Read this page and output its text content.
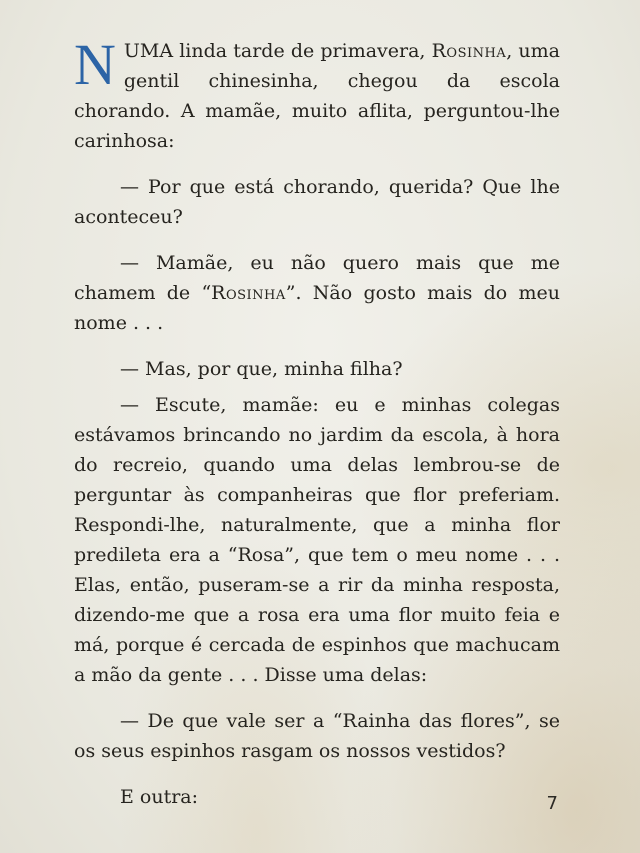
NUMA linda tarde de primavera, Rosinha, uma gentil chinesinha, chegou da escola chorando. A mamãe, muito aflita, perguntou-lhe carinhosa:

— Por que está chorando, querida? Que lhe aconteceu?

— Mamãe, eu não quero mais que me chamem de “Rosinha”. Não gosto mais do meu nome . . .

— Mas, por que, minha filha?

— Escute, mamãe: eu e minhas colegas estávamos brincando no jardim da escola, à hora do recreio, quando uma delas lembrou-se de perguntar às companheiras que flor preferiam. Respondi-lhe, naturalmente, que a minha flor predileta era a “Rosa”, que tem o meu nome . . . Elas, então, puseram-se a rir da minha resposta, dizendo-me que a rosa era uma flor muito feia e má, porque é cercada de espinhos que machucam a mão da gente . . . Disse uma delas:

— De que vale ser a “Rainha das flores”, se os seus espinhos rasgam os nossos vestidos?

E outra:	7
